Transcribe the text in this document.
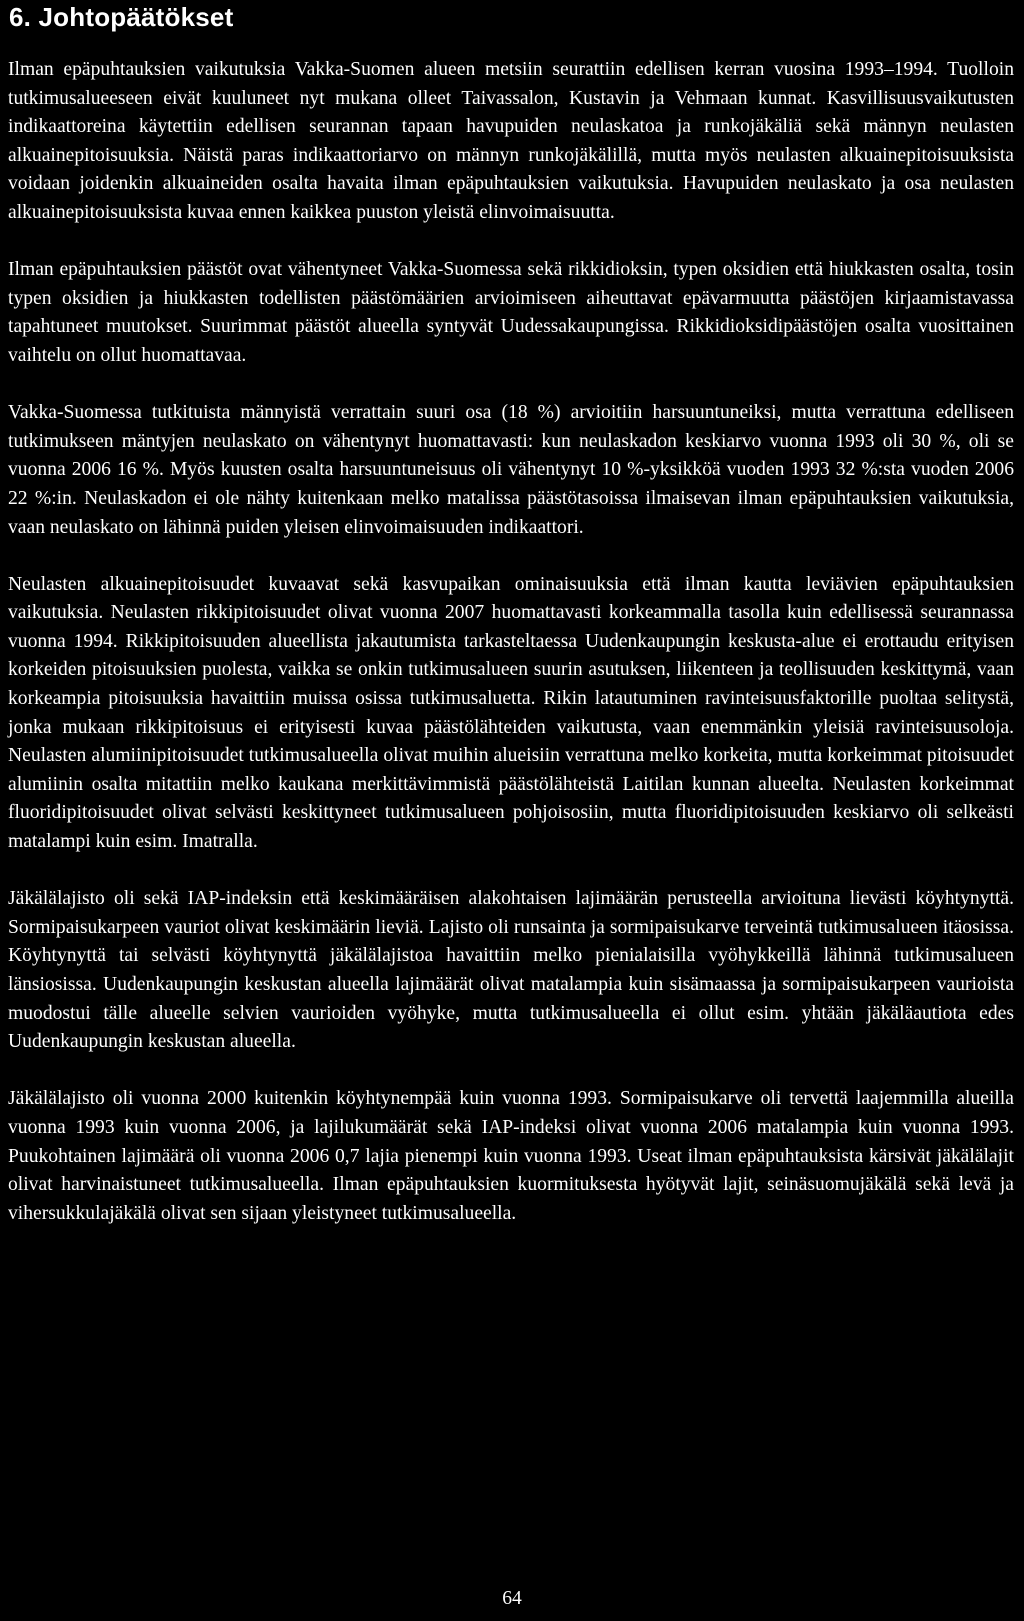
6. Johtopäätökset

Ilman epäpuhtauksien vaikutuksia Vakka-Suomen alueen metsiin seurattiin edellisen kerran vuosina 1993–1994. Tuolloin tutkimusalueeseen eivät kuuluneet nyt mukana olleet Taivassalon, Kustavin ja Vehmaan kunnat. Kasvillisuusvaikutusten indikaattoreina käytettiin edellisen seurannan tapaan havupuiden neulaskatoa ja runkojäkäliä sekä männyn neulasten alkuainepitoisuuksia. Näistä paras indikaattoriarvo on männyn runkojäkälillä, mutta myös neulasten alkuainepitoisuuksista voidaan joidenkin alkuaineiden osalta havaita ilman epäpuhtauksien vaikutuksia. Havupuiden neulaskato ja osa neulasten alkuainepitoisuuksista kuvaa ennen kaikkea puuston yleistä elinvoimaisuutta.

Ilman epäpuhtauksien päästöt ovat vähentyneet Vakka-Suomessa sekä rikkidioksin, typen oksidien että hiukkasten osalta, tosin typen oksidien ja hiukkasten todellisten päästömäärien arvioimiseen aiheuttavat epävarmuutta päästöjen kirjaamistavassa tapahtuneet muutokset. Suurimmat päästöt alueella syntyvät Uudessakaupungissa. Rikkidioksidipäästöjen osalta vuosittainen vaihtelu on ollut huomattavaa.

Vakka-Suomessa tutkituista männyistä verrattain suuri osa (18 %) arvioitiin harsuuntuneiksi, mutta verrattuna edelliseen tutkimukseen mäntyjen neulaskato on vähentynyt huomattavasti: kun neulaskadon keskiarvo vuonna 1993 oli 30 %, oli se vuonna 2006 16 %. Myös kuusten osalta harsuuntuneisuus oli vähentynyt 10 %-yksikköä vuoden 1993 32 %:sta vuoden 2006 22 %:in. Neulaskadon ei ole nähty kuitenkaan melko matalissa päästötasoissa ilmaisevan ilman epäpuhtauksien vaikutuksia, vaan neulaskato on lähinnä puiden yleisen elinvoimaisuuden indikaattori.

Neulasten alkuainepitoisuudet kuvaavat sekä kasvupaikan ominaisuuksia että ilman kautta leviävien epäpuhtauksien vaikutuksia. Neulasten rikkipitoisuudet olivat vuonna 2007 huomattavasti korkeammalla tasolla kuin edellisessä seurannassa vuonna 1994. Rikkipitoisuuden alueellista jakautumista tarkasteltaessa Uudenkaupungin keskusta-alue ei erottaudu erityisen korkeiden pitoisuuksien puolesta, vaikka se onkin tutkimusalueen suurin asutuksen, liikenteen ja teollisuuden keskittymä, vaan korkeampia pitoisuuksia havaittiin muissa osissa tutkimusaluetta. Rikin latautuminen ravinteisuusfaktorille puoltaa selitystä, jonka mukaan rikkipitoisuus ei erityisesti kuvaa päästölähteiden vaikutusta, vaan enemmänkin yleisiä ravinteisuusoloja. Neulasten alumiinipitoisuudet tutkimusalueella olivat muihin alueisiin verrattuna melko korkeita, mutta korkeimmat pitoisuudet alumiinin osalta mitattiin melko kaukana merkittävimmistä päästölähteistä Laitilan kunnan alueelta. Neulasten korkeimmat fluoridipitoisuudet olivat selvästi keskittyneet tutkimusalueen pohjoisosiin, mutta fluoridipitoisuuden keskiarvo oli selkeästi matalampi kuin esim. Imatralla.

Jäkälälajisto oli sekä IAP-indeksin että keskimääräisen alakohtaisen lajimäärän perusteella arvioituna lievästi köyhtynyttä. Sormipaisukarpeen vauriot olivat keskimäärin lieviä. Lajisto oli runsainta ja sormipaisukarve terveintä tutkimusalueen itäosissa. Köyhtynyttä tai selvästi köyhtynyttä jäkälälajistoa havaittiin melko pienialaisilla vyöhykkeillä lähinnä tutkimusalueen länsiosissa. Uudenkaupungin keskustan alueella lajimäärät olivat matalampia kuin sisämaassa ja sormipaisukarpeen vaurioista muodostui tälle alueelle selvien vaurioiden vyöhyke, mutta tutkimusalueella ei ollut esim. yhtään jäkäläautiota edes Uudenkaupungin keskustan alueella.

Jäkälälajisto oli vuonna 2000 kuitenkin köyhtynempää kuin vuonna 1993. Sormipaisukarve oli tervettä laajemmilla alueilla vuonna 1993 kuin vuonna 2006, ja lajilukumäärät sekä IAP-indeksi olivat vuonna 2006 matalampia kuin vuonna 1993. Puukohtainen lajimäärä oli vuonna 2006 0,7 lajia pienempi kuin vuonna 1993. Useat ilman epäpuhtauksista kärsivät jäkälälajit olivat harvinaistuneet tutkimusalueella. Ilman epäpuhtauksien kuormituksesta hyötyvät lajit, seinäsuomujäkälä sekä levä ja vihersukkulajäkälä olivat sen sijaan yleistyneet tutkimusalueella.

64
